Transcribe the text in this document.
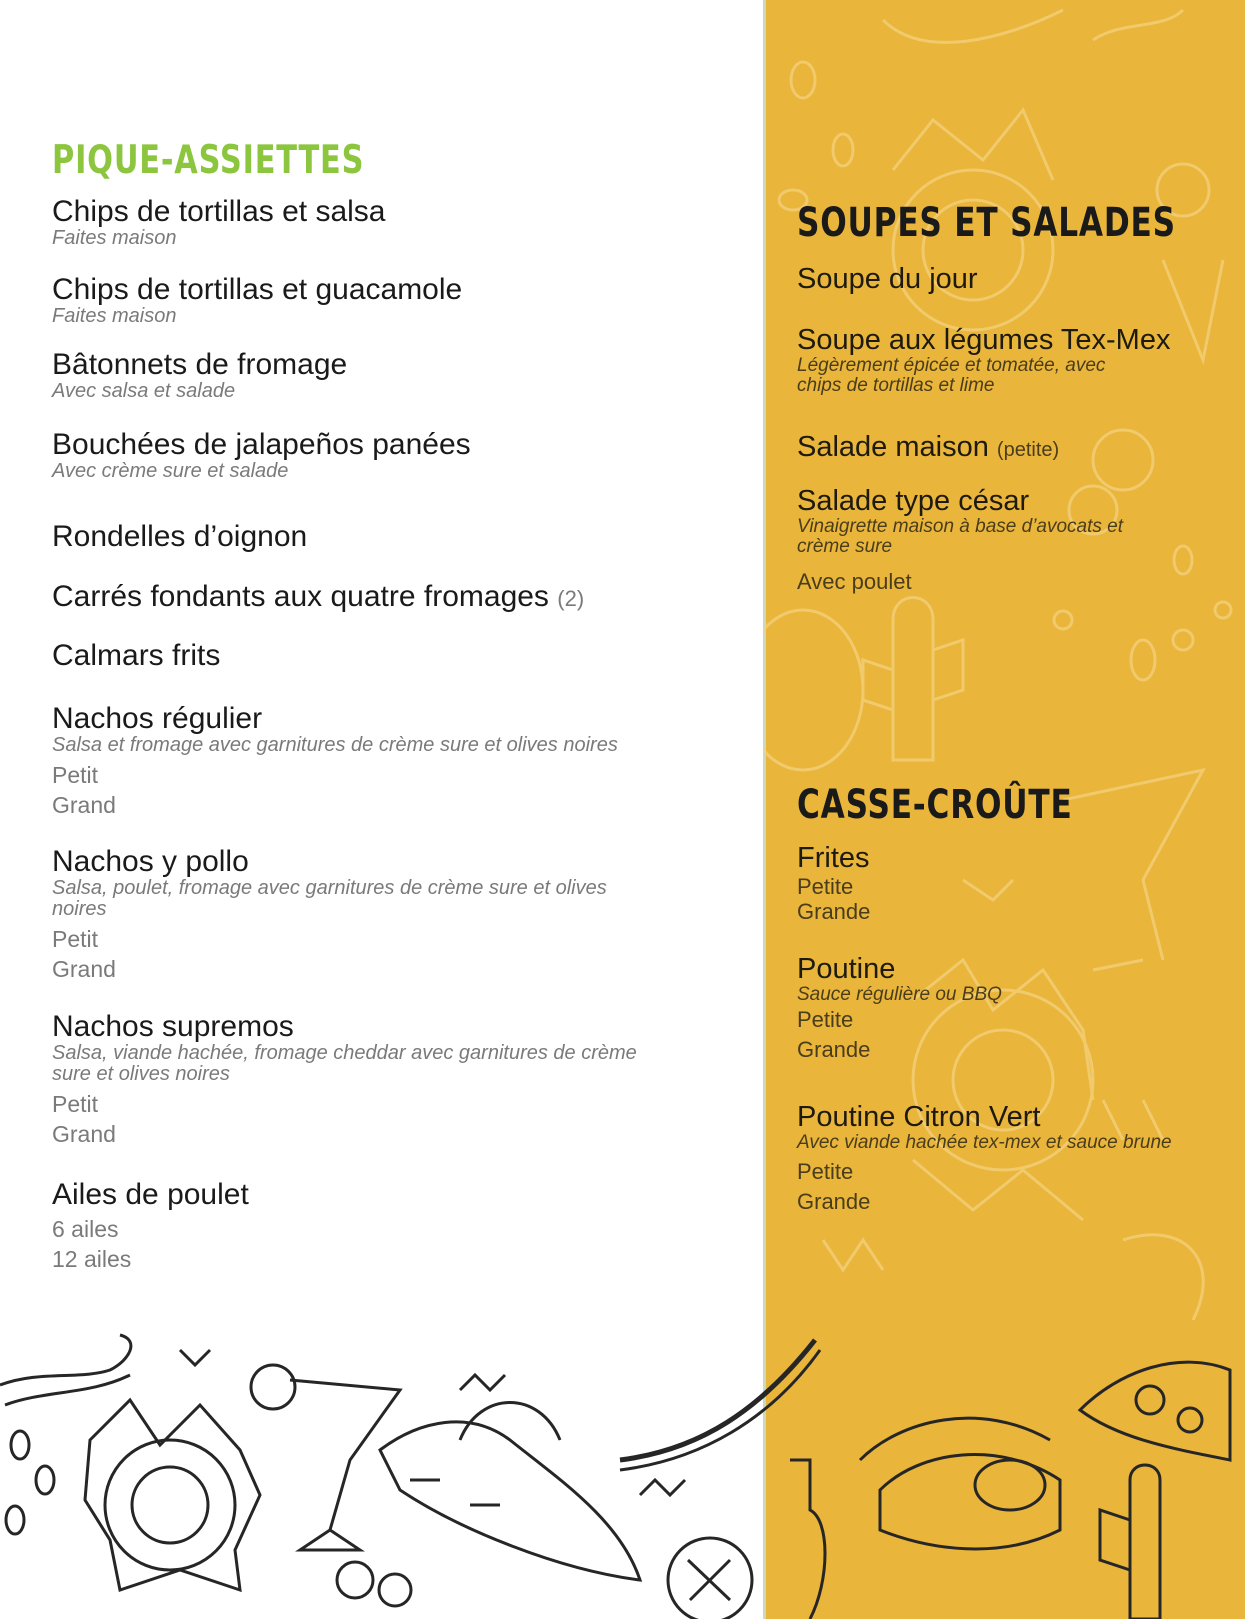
PIQUE-ASSIETTES
Chips de tortillas et salsa
Faites maison
Chips de tortillas et guacamole
Faites maison
Bâtonnets de fromage
Avec salsa et salade
Bouchées de jalapeños panées
Avec crème sure et salade
Rondelles d’oignon
Carrés fondants aux quatre fromages (2)
Calmars frits
Nachos régulier
Salsa et fromage avec garnitures de crème sure et olives noires
Petit
Grand
Nachos y pollo
Salsa, poulet, fromage avec garnitures de crème sure et olives
noires
Petit
Grand
Nachos supremos
Salsa, viande hachée, fromage cheddar avec garnitures de crème
sure et olives noires
Petit
Grand
Ailes de poulet
6 ailes
12 ailes
SOUPES ET SALADES
CASSE-CROÛTE
Soupe du jour
Soupe aux légumes Tex-Mex
Légèrement épicée et tomatée, avec
chips de tortillas et lime
Salade maison (petite)
Salade type césar
Vinaigrette maison à base d’avocats et
crème sure
Avec poulet
Frites
Petite
Grande
Poutine
Sauce régulière ou BBQ
Petite
Grande
Poutine Citron Vert
Avec viande hachée tex-mex et sauce brune
Petite
Grande
